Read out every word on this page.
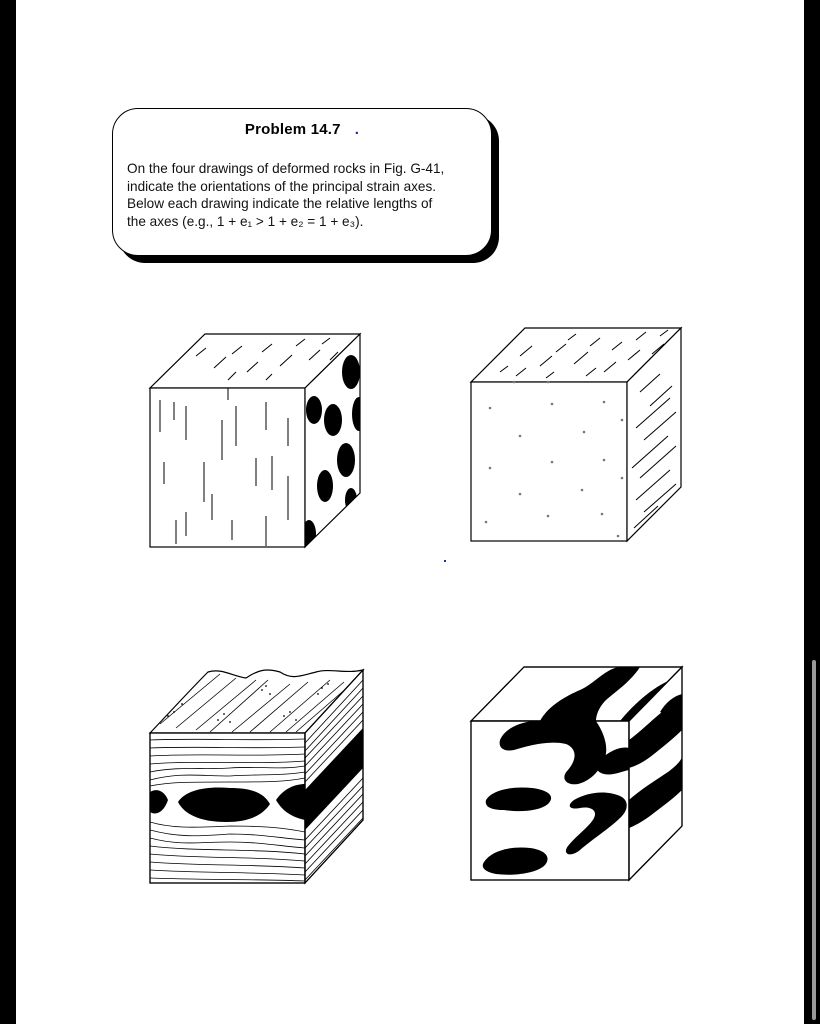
Problem 14.7 .
On the four drawings of deformed rocks in Fig. G-41,
indicate the orientations of the principal strain axes.
Below each drawing indicate the relative lengths of
the axes (e.g., 1 + e₁ > 1 + e₂ = 1 + e₃).
